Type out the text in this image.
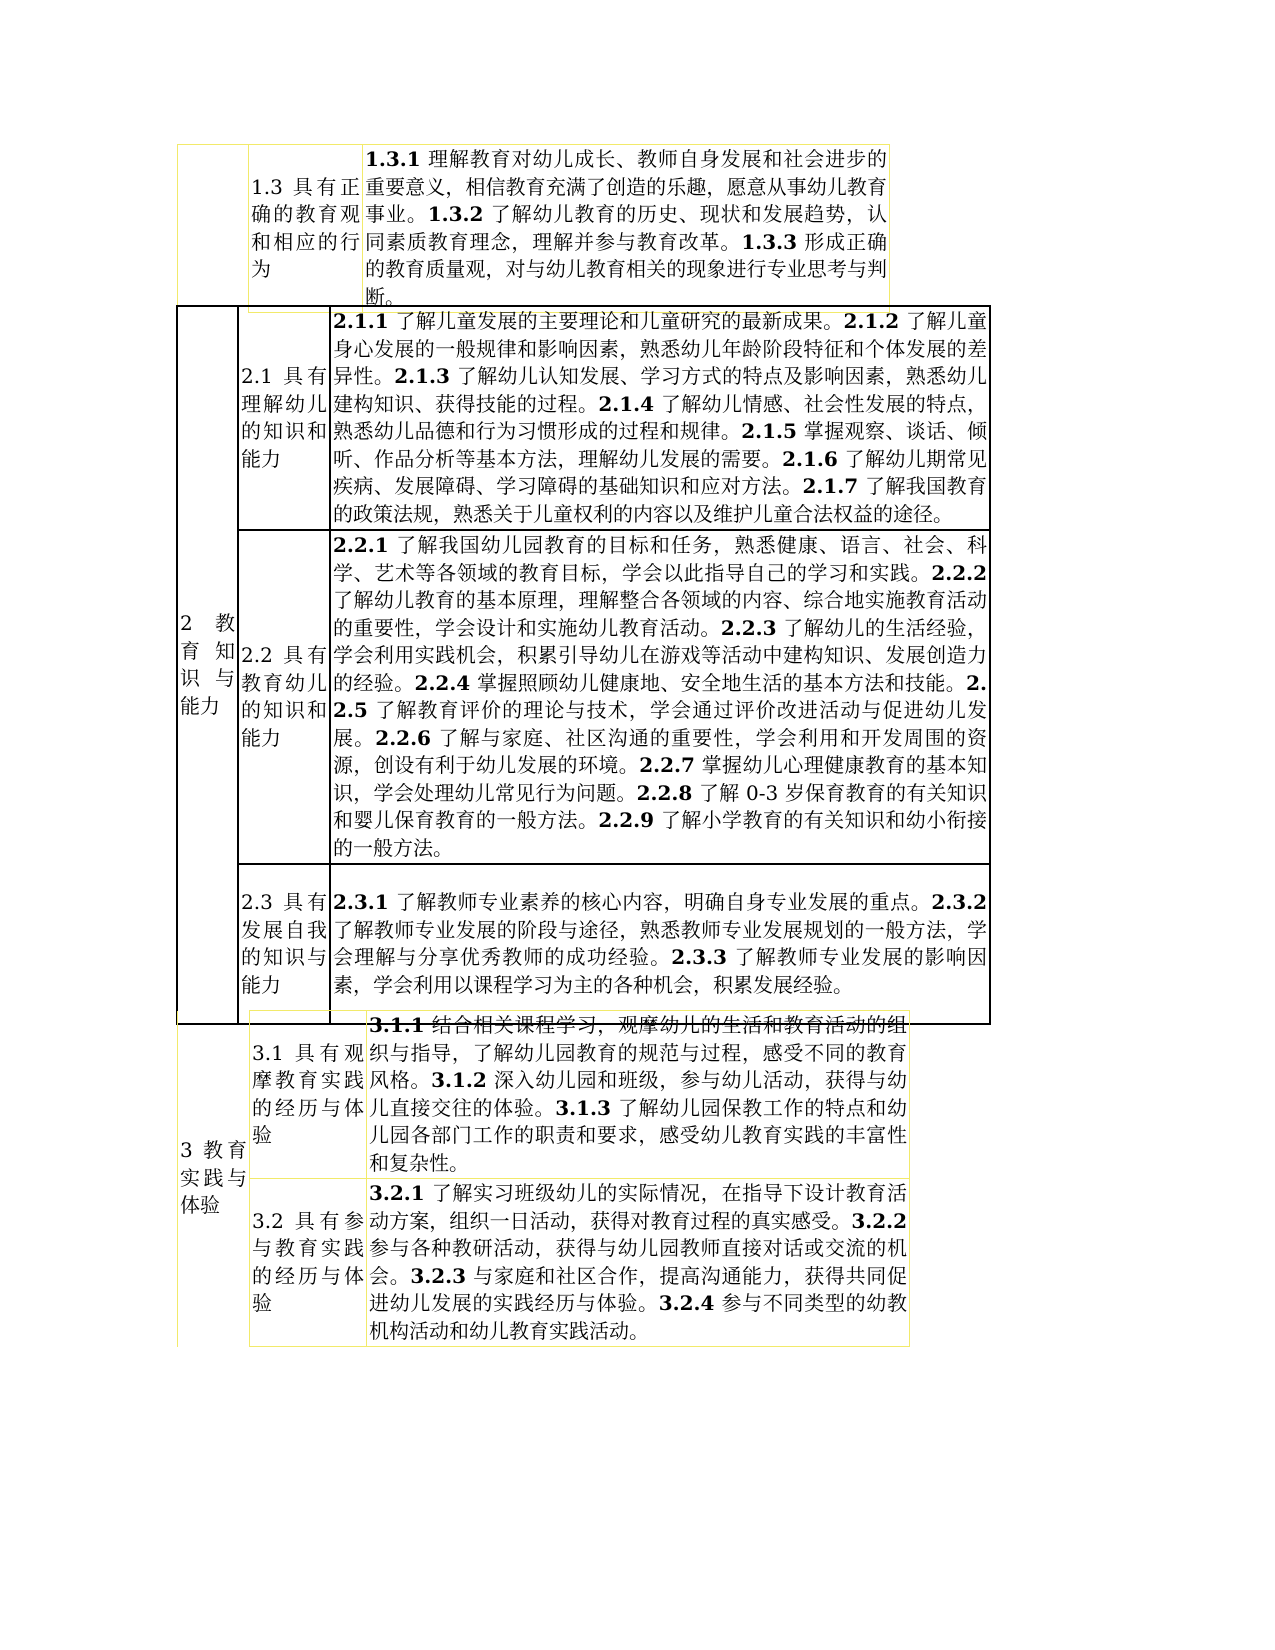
	1.3 具有正确的教育观和相应的行为	1.3.1 理解教育对幼儿成长、教师自身发展和社会进步的重要意义，相信教育充满了创造的乐趣，愿意从事幼儿教育事业。1.3.2 了解幼儿教育的历史、现状和发展趋势，认同素质教育理念，理解并参与教育改革。1.3.3 形成正确的教育质量观，对与幼儿教育相关的现象进行专业思考与判断。
2 教育知识与能力	2.1 具有理解幼儿的知识和能力	2.1.1 了解儿童发展的主要理论和儿童研究的最新成果。2.1.2 了解儿童身心发展的一般规律和影响因素，熟悉幼儿年龄阶段特征和个体发展的差异性。2.1.3 了解幼儿认知发展、学习方式的特点及影响因素，熟悉幼儿建构知识、获得技能的过程。2.1.4 了解幼儿情感、社会性发展的特点，熟悉幼儿品德和行为习惯形成的过程和规律。2.1.5 掌握观察、谈话、倾听、作品分析等基本方法，理解幼儿发展的需要。2.1.6 了解幼儿期常见疾病、发展障碍、学习障碍的基础知识和应对方法。2.1.7 了解我国教育的政策法规，熟悉关于儿童权利的内容以及维护儿童合法权益的途径。
	2.2 具有教育幼儿的知识和能力	2.2.1 了解我国幼儿园教育的目标和任务，熟悉健康、语言、社会、科学、艺术等各领域的教育目标，学会以此指导自己的学习和实践。2.2.2 了解幼儿教育的基本原理，理解整合各领域的内容、综合地实施教育活动的重要性，学会设计和实施幼儿教育活动。2.2.3 了解幼儿的生活经验，学会利用实践机会，积累引导幼儿在游戏等活动中建构知识、发展创造力的经验。2.2.4 掌握照顾幼儿健康地、安全地生活的基本方法和技能。2.2.5 了解教育评价的理论与技术，学会通过评价改进活动与促进幼儿发展。2.2.6 了解与家庭、社区沟通的重要性，学会利用和开发周围的资源，创设有利于幼儿发展的环境。2.2.7 掌握幼儿心理健康教育的基本知识，学会处理幼儿常见行为问题。2.2.8 了解 0-3 岁保育教育的有关知识和婴儿保育教育的一般方法。2.2.9 了解小学教育的有关知识和幼小衔接的一般方法。
	2.3 具有发展自我的知识与能力	2.3.1 了解教师专业素养的核心内容，明确自身专业发展的重点。2.3.2 了解教师专业发展的阶段与途径，熟悉教师专业发展规划的一般方法，学会理解与分享优秀教师的成功经验。2.3.3 了解教师专业发展的影响因素，学会利用以课程学习为主的各种机会，积累发展经验。
3 教育实践与体验	3.1 具有观摩教育实践的经历与体验	3.1.1 结合相关课程学习，观摩幼儿的生活和教育活动的组织与指导，了解幼儿园教育的规范与过程，感受不同的教育风格。3.1.2 深入幼儿园和班级，参与幼儿活动，获得与幼儿直接交往的体验。3.1.3 了解幼儿园保教工作的特点和幼儿园各部门工作的职责和要求，感受幼儿教育实践的丰富性和复杂性。
	3.2 具有参与教育实践的经历与体验	3.2.1 了解实习班级幼儿的实际情况，在指导下设计教育活动方案，组织一日活动，获得对教育过程的真实感受。3.2.2 参与各种教研活动，获得与幼儿园教师直接对话或交流的机会。3.2.3 与家庭和社区合作，提高沟通能力，获得共同促进幼儿发展的实践经历与体验。3.2.4 参与不同类型的幼教机构活动和幼儿教育实践活动。
